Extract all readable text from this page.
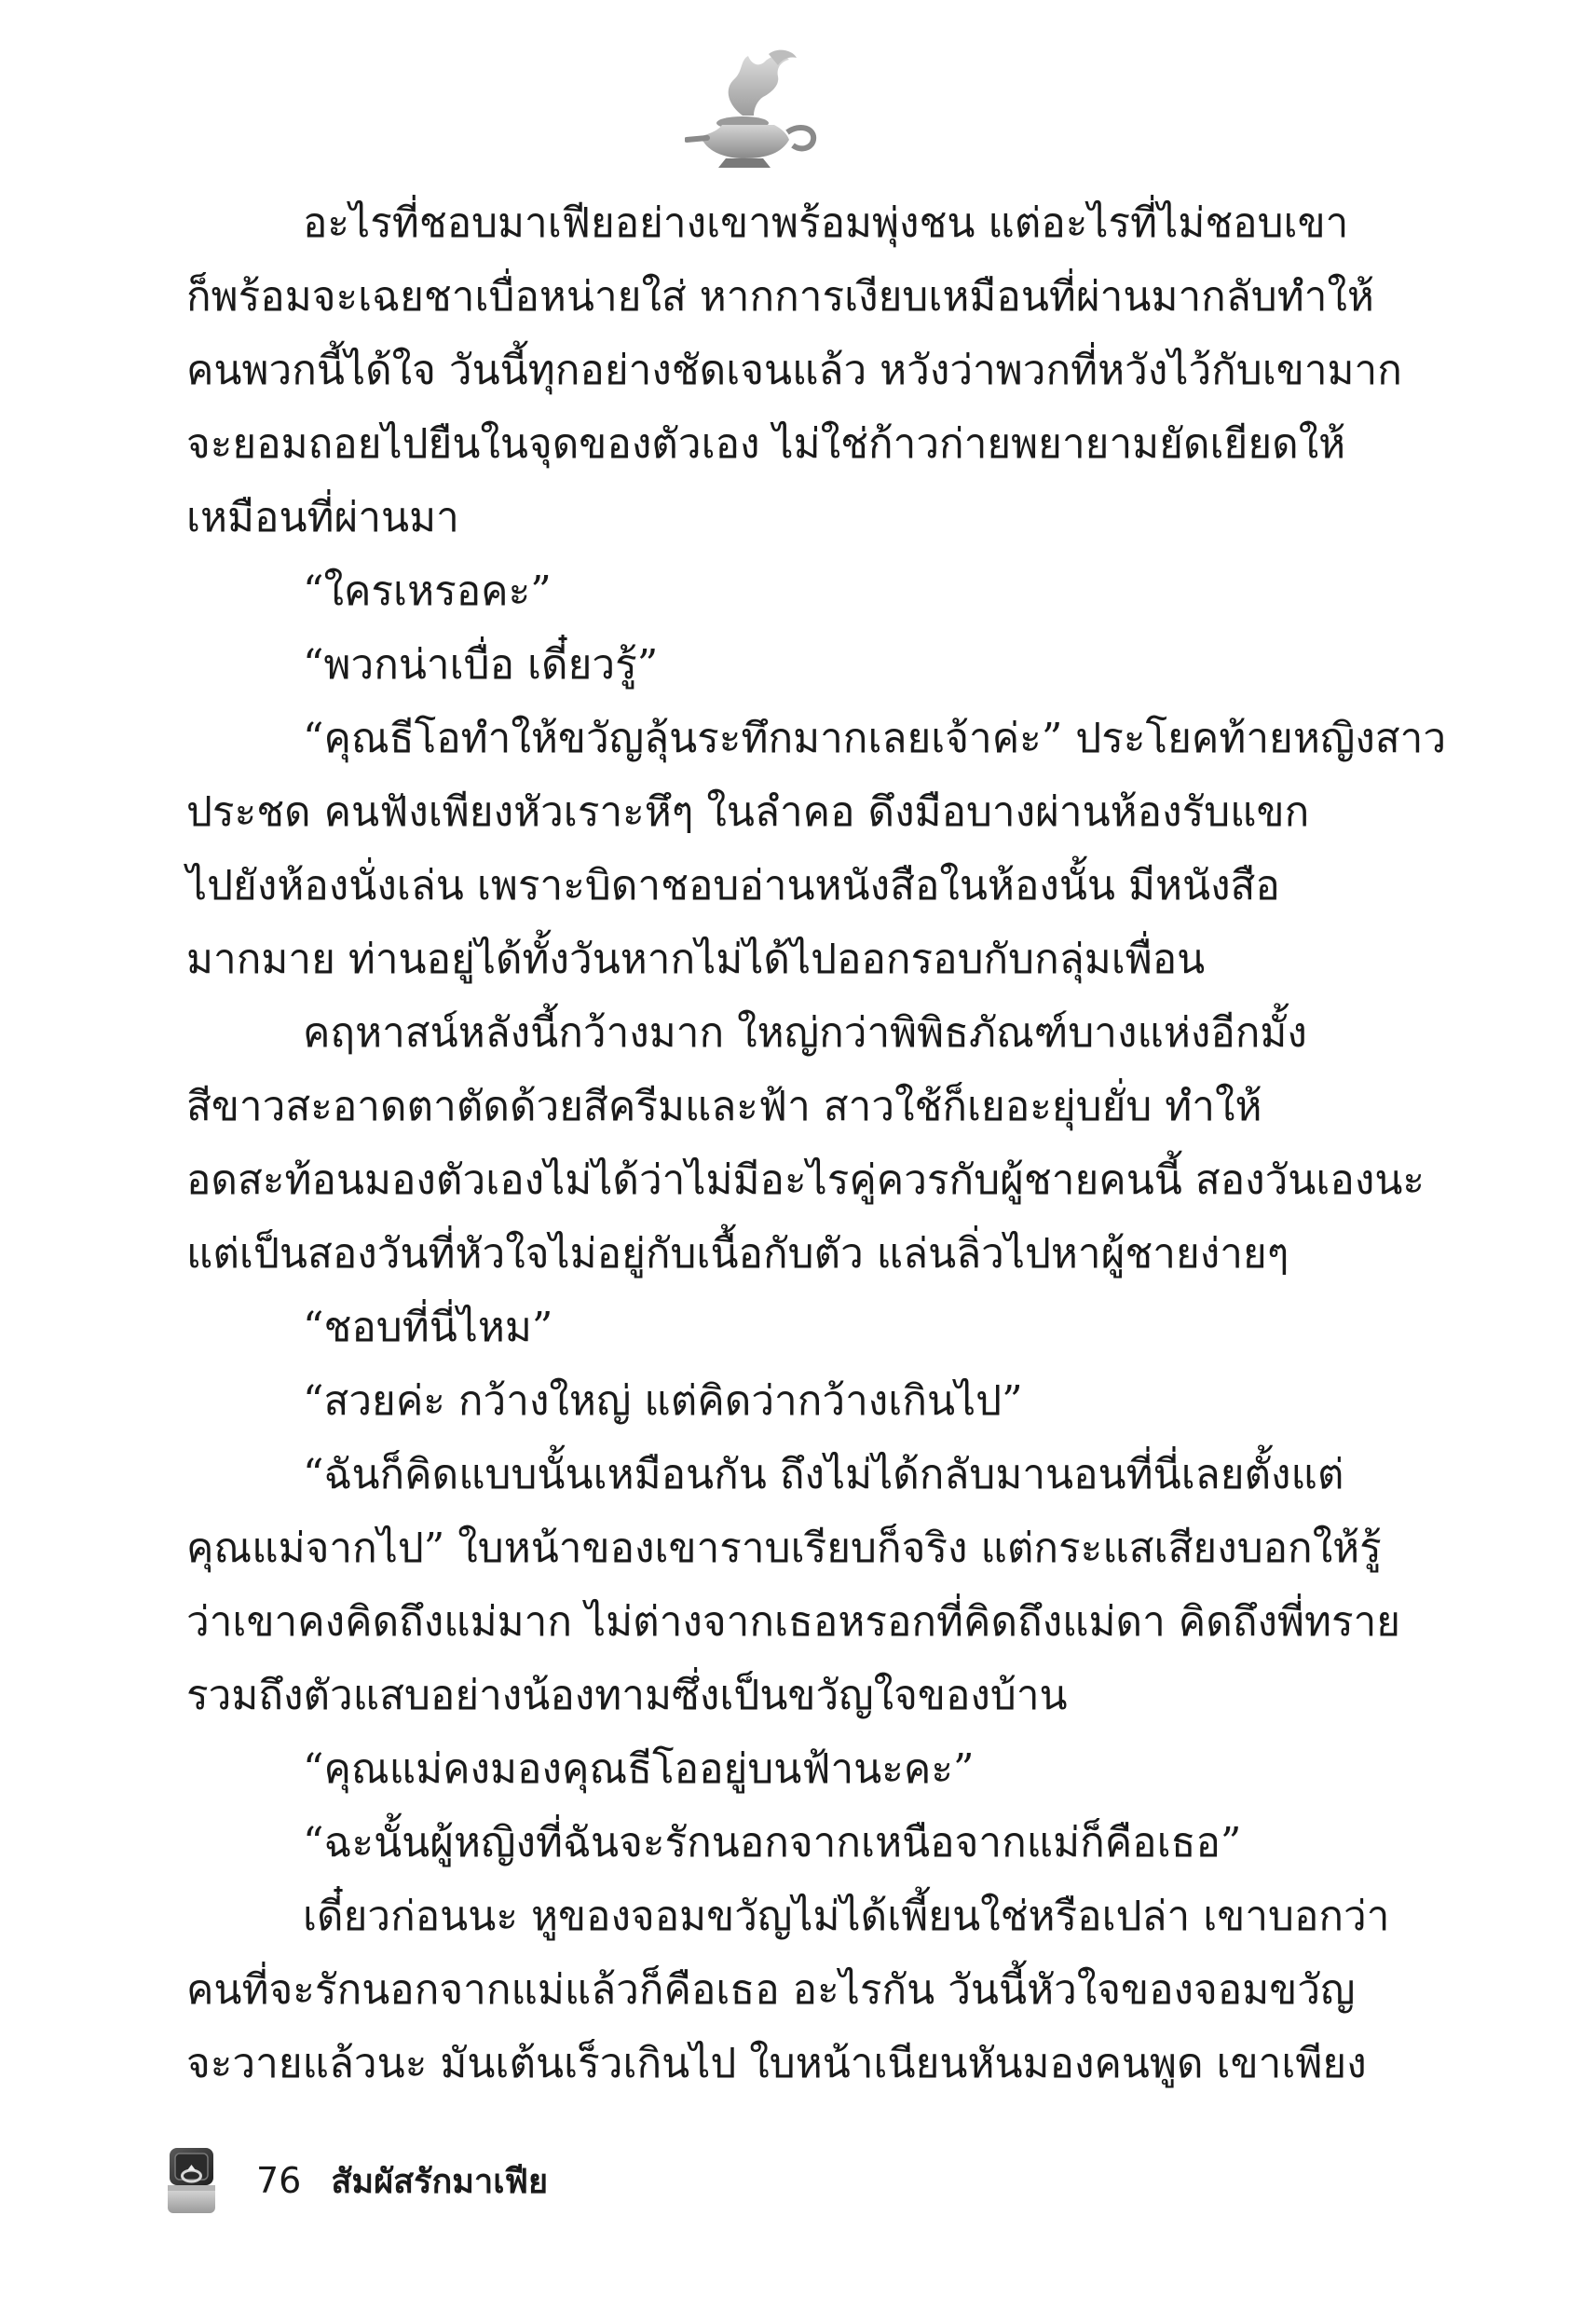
อะไรที่ชอบมาเฟียอย่างเขาพร้อมพุ่งชน แต่อะไรที่ไม่ชอบเขา

ก็พร้อมจะเฉยชาเบื่อหน่ายใส่ หากการเงียบเหมือนที่ผ่านมากลับทำให้

คนพวกนี้ได้ใจ วันนี้ทุกอย่างชัดเจนแล้ว หวังว่าพวกที่หวังไว้กับเขามาก

จะยอมถอยไปยืนในจุดของตัวเอง ไม่ใช่ก้าวก่ายพยายามยัดเยียดให้

เหมือนที่ผ่านมา

“ใครเหรอคะ”

“พวกน่าเบื่อ เดี๋ยวรู้”

“คุณธีโอทำให้ขวัญลุ้นระทึกมากเลยเจ้าค่ะ” ประโยคท้ายหญิงสาว

ประชด คนฟังเพียงหัวเราะหึๆ ในลำคอ ดึงมือบางผ่านห้องรับแขก

ไปยังห้องนั่งเล่น เพราะบิดาชอบอ่านหนังสือในห้องนั้น มีหนังสือ

มากมาย ท่านอยู่ได้ทั้งวันหากไม่ได้ไปออกรอบกับกลุ่มเพื่อน

คฤหาสน์หลังนี้กว้างมาก ใหญ่กว่าพิพิธภัณฑ์บางแห่งอีกมั้ง

สีขาวสะอาดตาตัดด้วยสีครีมและฟ้า สาวใช้ก็เยอะยุ่บยั่บ ทำให้

อดสะท้อนมองตัวเองไม่ได้ว่าไม่มีอะไรคู่ควรกับผู้ชายคนนี้ สองวันเองนะ

แต่เป็นสองวันที่หัวใจไม่อยู่กับเนื้อกับตัว แล่นลิ่วไปหาผู้ชายง่ายๆ

“ชอบที่นี่ไหม”

“สวยค่ะ กว้างใหญ่ แต่คิดว่ากว้างเกินไป”

“ฉันก็คิดแบบนั้นเหมือนกัน ถึงไม่ได้กลับมานอนที่นี่เลยตั้งแต่

คุณแม่จากไป” ใบหน้าของเขาราบเรียบก็จริง แต่กระแสเสียงบอกให้รู้

ว่าเขาคงคิดถึงแม่มาก ไม่ต่างจากเธอหรอกที่คิดถึงแม่ดา คิดถึงพี่ทราย

รวมถึงตัวแสบอย่างน้องทามซึ่งเป็นขวัญใจของบ้าน

“คุณแม่คงมองคุณธีโออยู่บนฟ้านะคะ”

“ฉะนั้นผู้หญิงที่ฉันจะรักนอกจากเหนือจากแม่ก็คือเธอ”

เดี๋ยวก่อนนะ หูของจอมขวัญไม่ได้เพี้ยนใช่หรือเปล่า เขาบอกว่า

คนที่จะรักนอกจากแม่แล้วก็คือเธอ อะไรกัน วันนี้หัวใจของจอมขวัญ

จะวายแล้วนะ มันเต้นเร็วเกินไป ใบหน้าเนียนหันมองคนพูด เขาเพียง

76 สัมผัสรักมาเฟีย
